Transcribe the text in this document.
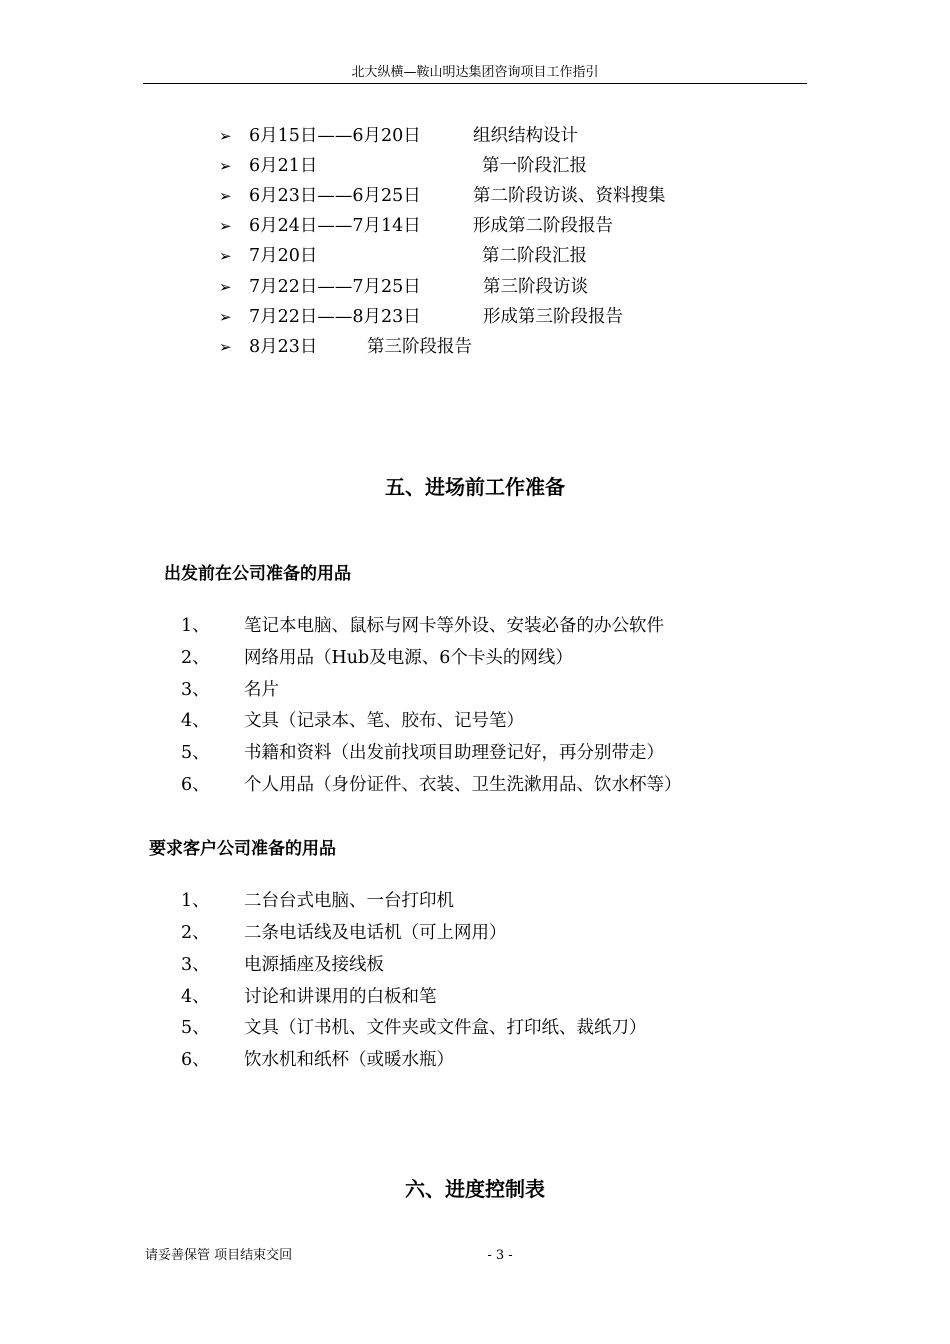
北大纵横—鞍山明达集团咨询项目工作指引
➢ 6月15日——6月20日	组织结构设计
➢ 6月21日	第一阶段汇报
➢ 6月23日——6月25日	第二阶段访谈、资料搜集
➢ 6月24日——7月14日	形成第二阶段报告
➢ 7月20日	第二阶段汇报
➢ 7月22日——7月25日	第三阶段访谈
➢ 7月22日——8月23日	形成第三阶段报告
➢ 8月23日	第三阶段报告
五、进场前工作准备
出发前在公司准备的用品
1、 笔记本电脑、鼠标与网卡等外设、安装必备的办公软件
2、 网络用品（Hub及电源、6个卡头的网线）
3、 名片
4、 文具（记录本、笔、胶布、记号笔）
5、 书籍和资料（出发前找项目助理登记好，再分别带走）
6、 个人用品（身份证件、衣装、卫生洗漱用品、饮水杯等）
要求客户公司准备的用品
1、 二台台式电脑、一台打印机
2、 二条电话线及电话机（可上网用）
3、 电源插座及接线板
4、 讨论和讲课用的白板和笔
5、 文具（订书机、文件夹或文件盒、打印纸、裁纸刀）
6、 饮水机和纸杯（或暖水瓶）
六、进度控制表
请妥善保管 项目结束交回	- 3 -
